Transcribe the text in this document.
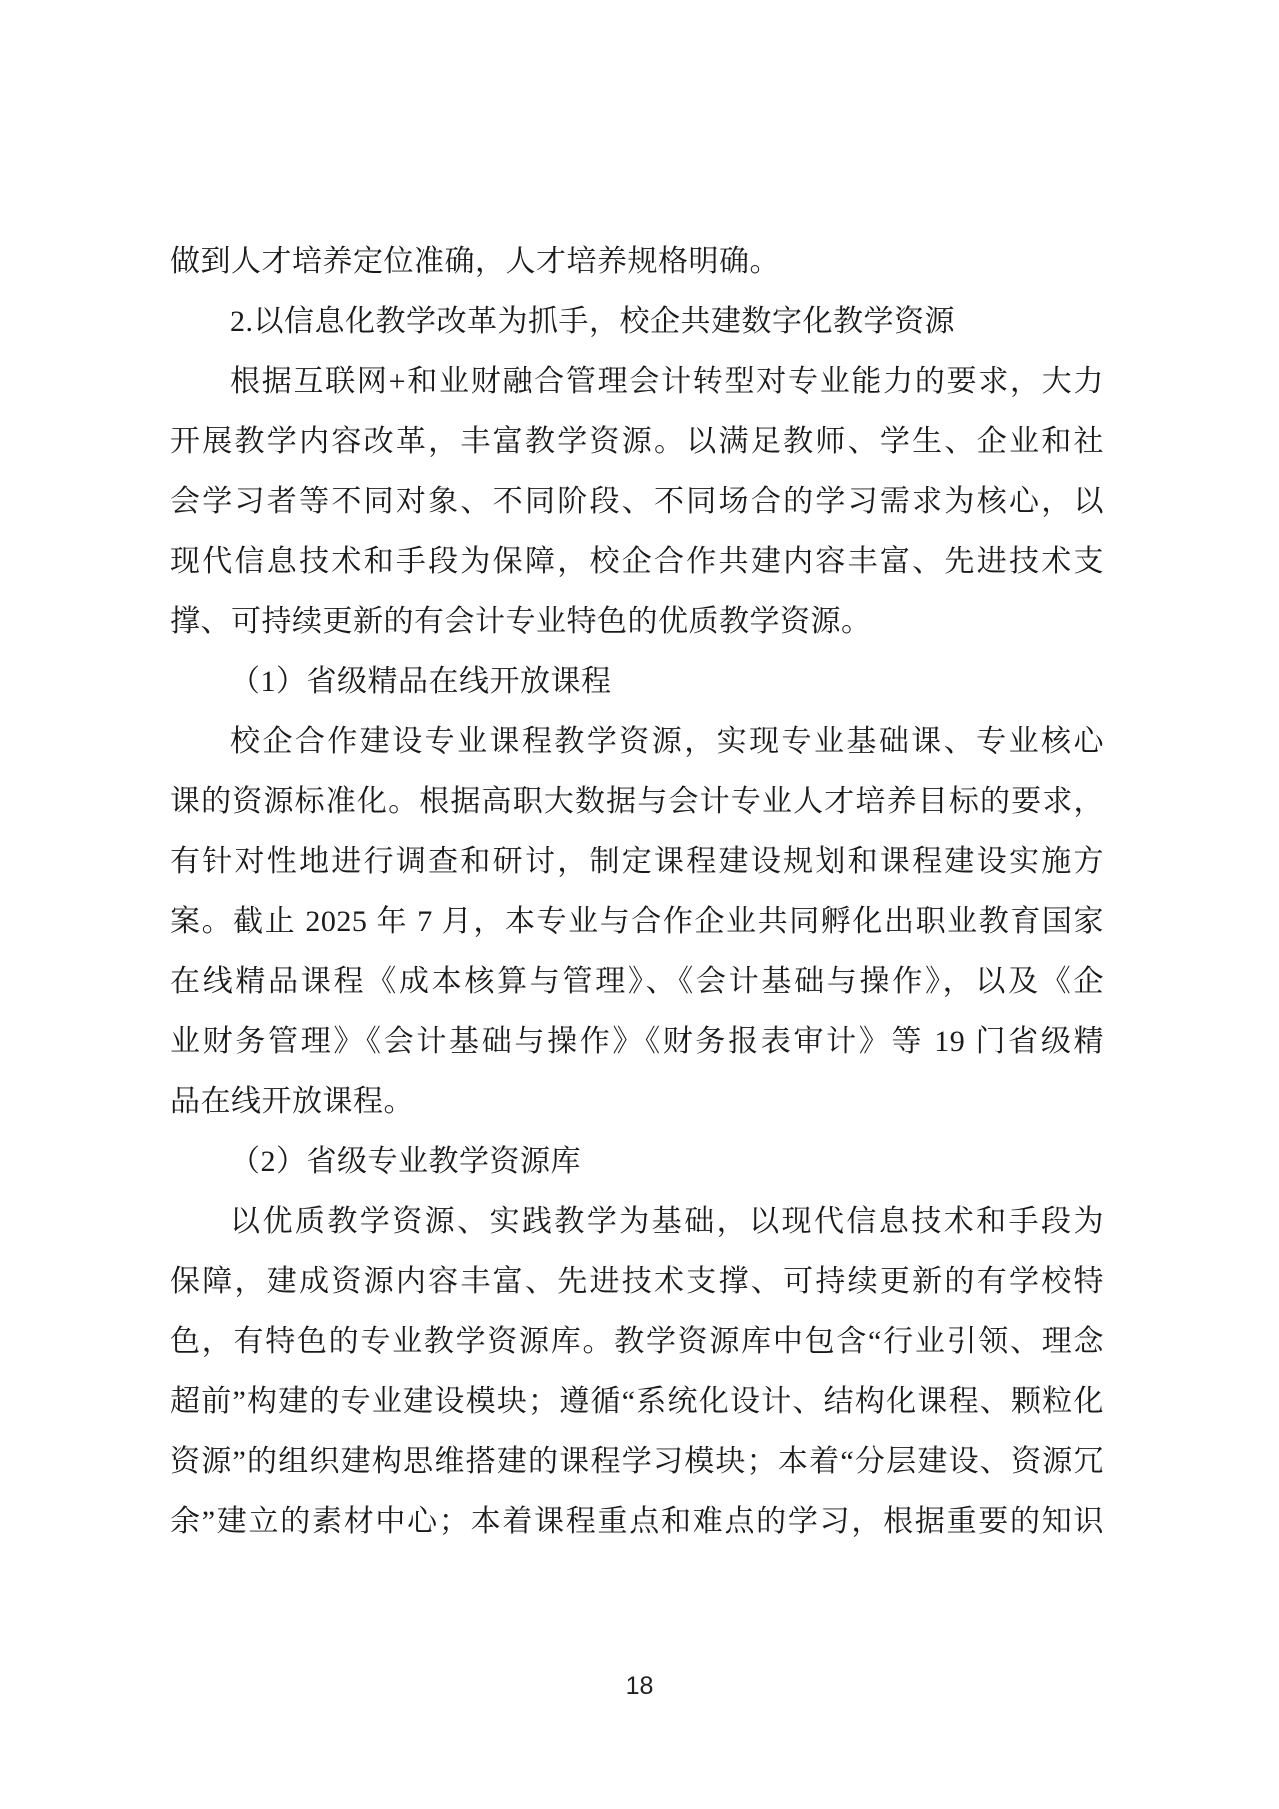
做到人才培养定位准确，人才培养规格明确。
2.以信息化教学改革为抓手，校企共建数字化教学资源
根据互联网+和业财融合管理会计转型对专业能力的要求，大力
开展教学内容改革，丰富教学资源。以满足教师、学生、企业和社
会学习者等不同对象、不同阶段、不同场合的学习需求为核心，以
现代信息技术和手段为保障，校企合作共建内容丰富、先进技术支
撑、可持续更新的有会计专业特色的优质教学资源。
（1）省级精品在线开放课程
校企合作建设专业课程教学资源，实现专业基础课、专业核心
课的资源标准化。根据高职大数据与会计专业人才培养目标的要求，
有针对性地进行调查和研讨，制定课程建设规划和课程建设实施方
案。截止 2025 年 7 月，本专业与合作企业共同孵化出职业教育国家
在线精品课程《成本核算与管理》、《会计基础与操作》，以及《企
业财务管理》《会计基础与操作》《财务报表审计》等 19 门省级精
品在线开放课程。
（2）省级专业教学资源库
以优质教学资源、实践教学为基础，以现代信息技术和手段为
保障，建成资源内容丰富、先进技术支撑、可持续更新的有学校特
色，有特色的专业教学资源库。教学资源库中包含“行业引领、理念
超前”构建的专业建设模块；遵循“系统化设计、结构化课程、颗粒化
资源”的组织建构思维搭建的课程学习模块；本着“分层建设、资源冗
余”建立的素材中心；本着课程重点和难点的学习，根据重要的知识
18
